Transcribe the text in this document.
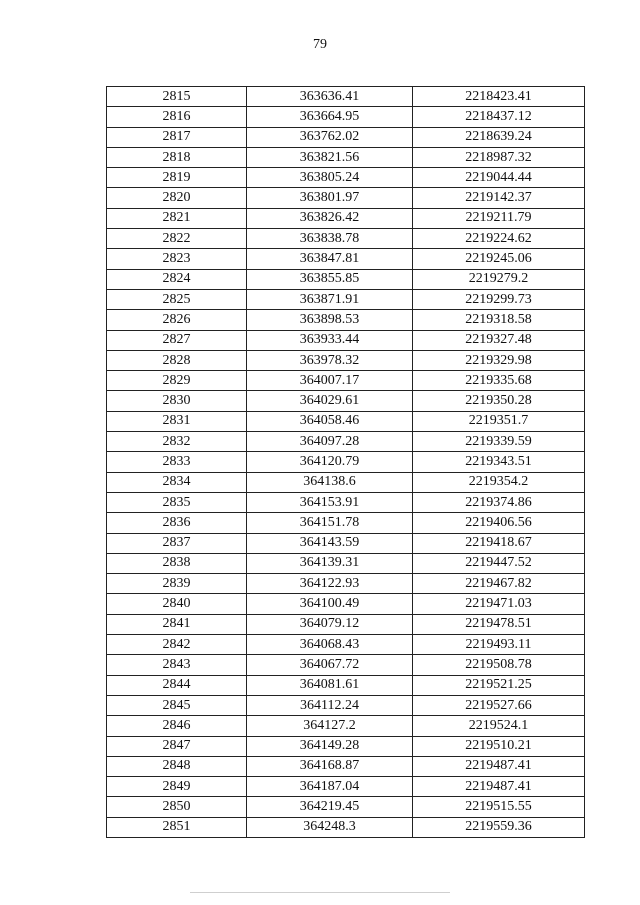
79
2815	363636.41	2218423.41
2816	363664.95	2218437.12
2817	363762.02	2218639.24
2818	363821.56	2218987.32
2819	363805.24	2219044.44
2820	363801.97	2219142.37
2821	363826.42	2219211.79
2822	363838.78	2219224.62
2823	363847.81	2219245.06
2824	363855.85	2219279.2
2825	363871.91	2219299.73
2826	363898.53	2219318.58
2827	363933.44	2219327.48
2828	363978.32	2219329.98
2829	364007.17	2219335.68
2830	364029.61	2219350.28
2831	364058.46	2219351.7
2832	364097.28	2219339.59
2833	364120.79	2219343.51
2834	364138.6	2219354.2
2835	364153.91	2219374.86
2836	364151.78	2219406.56
2837	364143.59	2219418.67
2838	364139.31	2219447.52
2839	364122.93	2219467.82
2840	364100.49	2219471.03
2841	364079.12	2219478.51
2842	364068.43	2219493.11
2843	364067.72	2219508.78
2844	364081.61	2219521.25
2845	364112.24	2219527.66
2846	364127.2	2219524.1
2847	364149.28	2219510.21
2848	364168.87	2219487.41
2849	364187.04	2219487.41
2850	364219.45	2219515.55
2851	364248.3	2219559.36
